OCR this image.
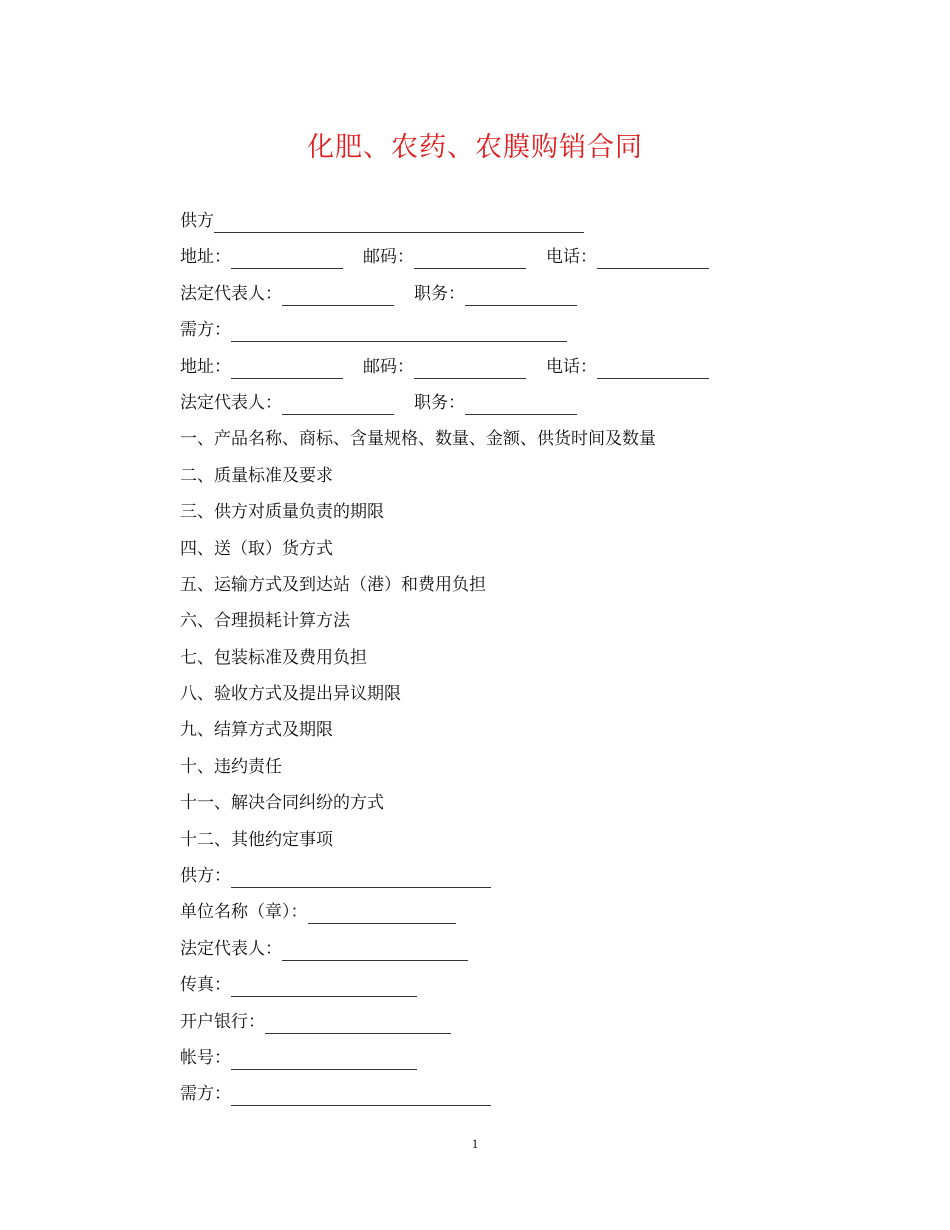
化肥、农药、农膜购销合同
供方
地址：	邮码：	电话：
法定代表人：	职务：
需方：
地址：	邮码：	电话：
法定代表人：	职务：
一、产品名称、商标、含量规格、数量、金额、供货时间及数量
二、质量标准及要求
三、供方对质量负责的期限
四、送（取）货方式
五、运输方式及到达站（港）和费用负担
六、合理损耗计算方法
七、包装标准及费用负担
八、验收方式及提出异议期限
九、结算方式及期限
十、违约责任
十一、解决合同纠纷的方式
十二、其他约定事项
供方：
单位名称（章）：
法定代表人：
传真：
开户银行：
帐号：
需方：
1
